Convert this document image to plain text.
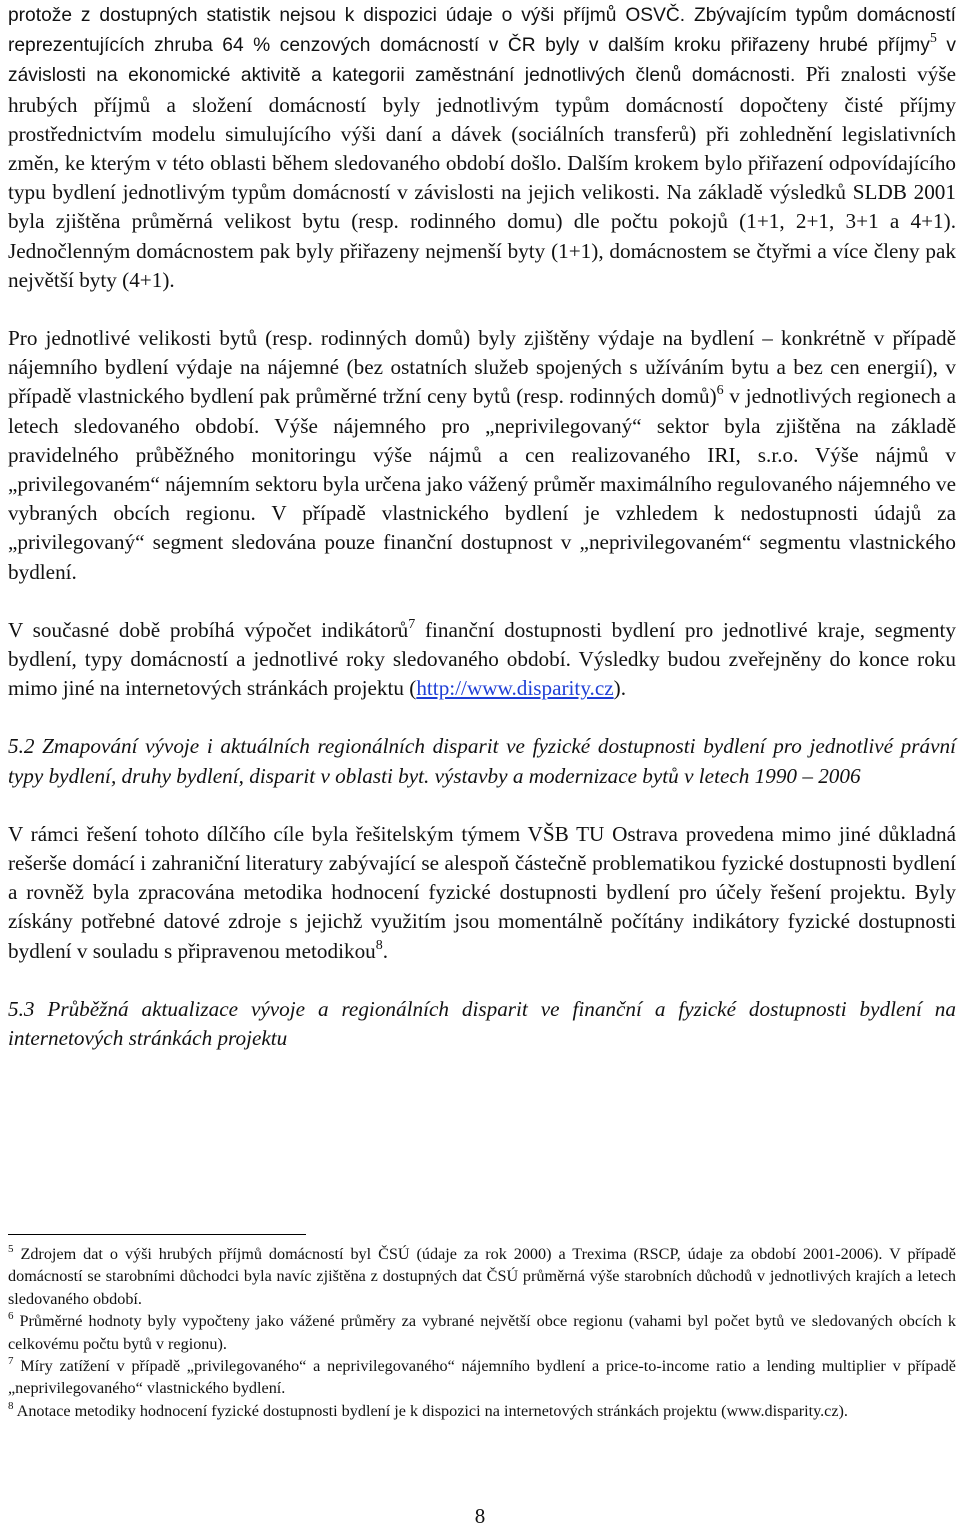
protože z dostupných statistik nejsou k dispozici údaje o výši příjmů OSVČ. Zbývajícím typům domácností reprezentujících zhruba 64 % cenzových domácností v ČR byly v dalším kroku přiřazeny hrubé příjmy$^5$ v závislosti na ekonomické aktivitě a kategorii zaměstnání jednotlivých členů domácnosti. Při znalosti výše hrubých příjmů a složení domácností byly jednotlivým typům domácností dopočteny čisté příjmy prostřednictvím modelu simulujícího výši daní a dávek (sociálních transferů) při zohlednění legislativních změn, ke kterým v této oblasti během sledovaného období došlo. Dalším krokem bylo přiřazení odpovídajícího typu bydlení jednotlivým typům domácností v závislosti na jejich velikosti. Na základě výsledků SLDB 2001 byla zjištěna průměrná velikost bytu (resp. rodinného domu) dle počtu pokojů (1+1, 2+1, 3+1 a 4+1). Jednočlenným domácnostem pak byly přiřazeny nejmenší byty (1+1), domácnostem se čtyřmi a více členy pak největší byty (4+1).

Pro jednotlivé velikosti bytů (resp. rodinných domů) byly zjištěny výdaje na bydlení – konkrétně v případě nájemního bydlení výdaje na nájemné (bez ostatních služeb spojených s užíváním bytu a bez cen energií), v případě vlastnického bydlení pak průměrné tržní ceny bytů (resp. rodinných domů)$^6$ v jednotlivých regionech a letech sledovaného období. Výše nájemného pro „neprivilegovaný“ sektor byla zjištěna na základě pravidelného průběžného monitoringu výše nájmů a cen realizovaného IRI, s.r.o. Výše nájmů v „privilegovaném“ nájemním sektoru byla určena jako vážený průměr maximálního regulovaného nájemného ve vybraných obcích regionu. V případě vlastnického bydlení je vzhledem k nedostupnosti údajů za „privilegovaný“ segment sledována pouze finanční dostupnost v „neprivilegovaném“ segmentu vlastnického bydlení.

V současné době probíhá výpočet indikátorů$^7$ finanční dostupnosti bydlení pro jednotlivé kraje, segmenty bydlení, typy domácností a jednotlivé roky sledovaného období. Výsledky budou zveřejněny do konce roku mimo jiné na internetových stránkách projektu (http://www.disparity.cz).

5.2 Zmapování vývoje i aktuálních regionálních disparit ve fyzické dostupnosti bydlení pro jednotlivé právní typy bydlení, druhy bydlení, disparit v oblasti byt. výstavby a modernizace bytů v letech 1990 – 2006

V rámci řešení tohoto dílčího cíle byla řešitelským týmem VŠB TU Ostrava provedena mimo jiné důkladná rešerše domácí i zahraniční literatury zabývající se alespoň částečně problematikou fyzické dostupnosti bydlení a rovněž byla zpracována metodika hodnocení fyzické dostupnosti bydlení pro účely řešení projektu. Byly získány potřebné datové zdroje s jejichž využitím jsou momentálně počítány indikátory fyzické dostupnosti bydlení v souladu s připravenou metodikou$^8$.

5.3 Průběžná aktualizace vývoje a regionálních disparit ve finanční a fyzické dostupnosti bydlení na internetových stránkách projektu

$^5$ Zdrojem dat o výši hrubých příjmů domácností byl ČSÚ (údaje za rok 2000) a Trexima (RSCP, údaje za období 2001-2006). V případě domácností se starobními důchodci byla navíc zjištěna z dostupných dat ČSÚ průměrná výše starobních důchodů v jednotlivých krajích a letech sledovaného období.

$^6$ Průměrné hodnoty byly vypočteny jako vážené průměry za vybrané největší obce regionu (vahami byl počet bytů ve sledovaných obcích k celkovému počtu bytů v regionu).

$^7$ Míry zatížení v případě „privilegovaného“ a neprivilegovaného“ nájemního bydlení a price-to-income ratio a lending multiplier v případě „neprivilegovaného“ vlastnického bydlení.

$^8$ Anotace metodiky hodnocení fyzické dostupnosti bydlení je k dispozici na internetových stránkách projektu (www.disparity.cz).

8
